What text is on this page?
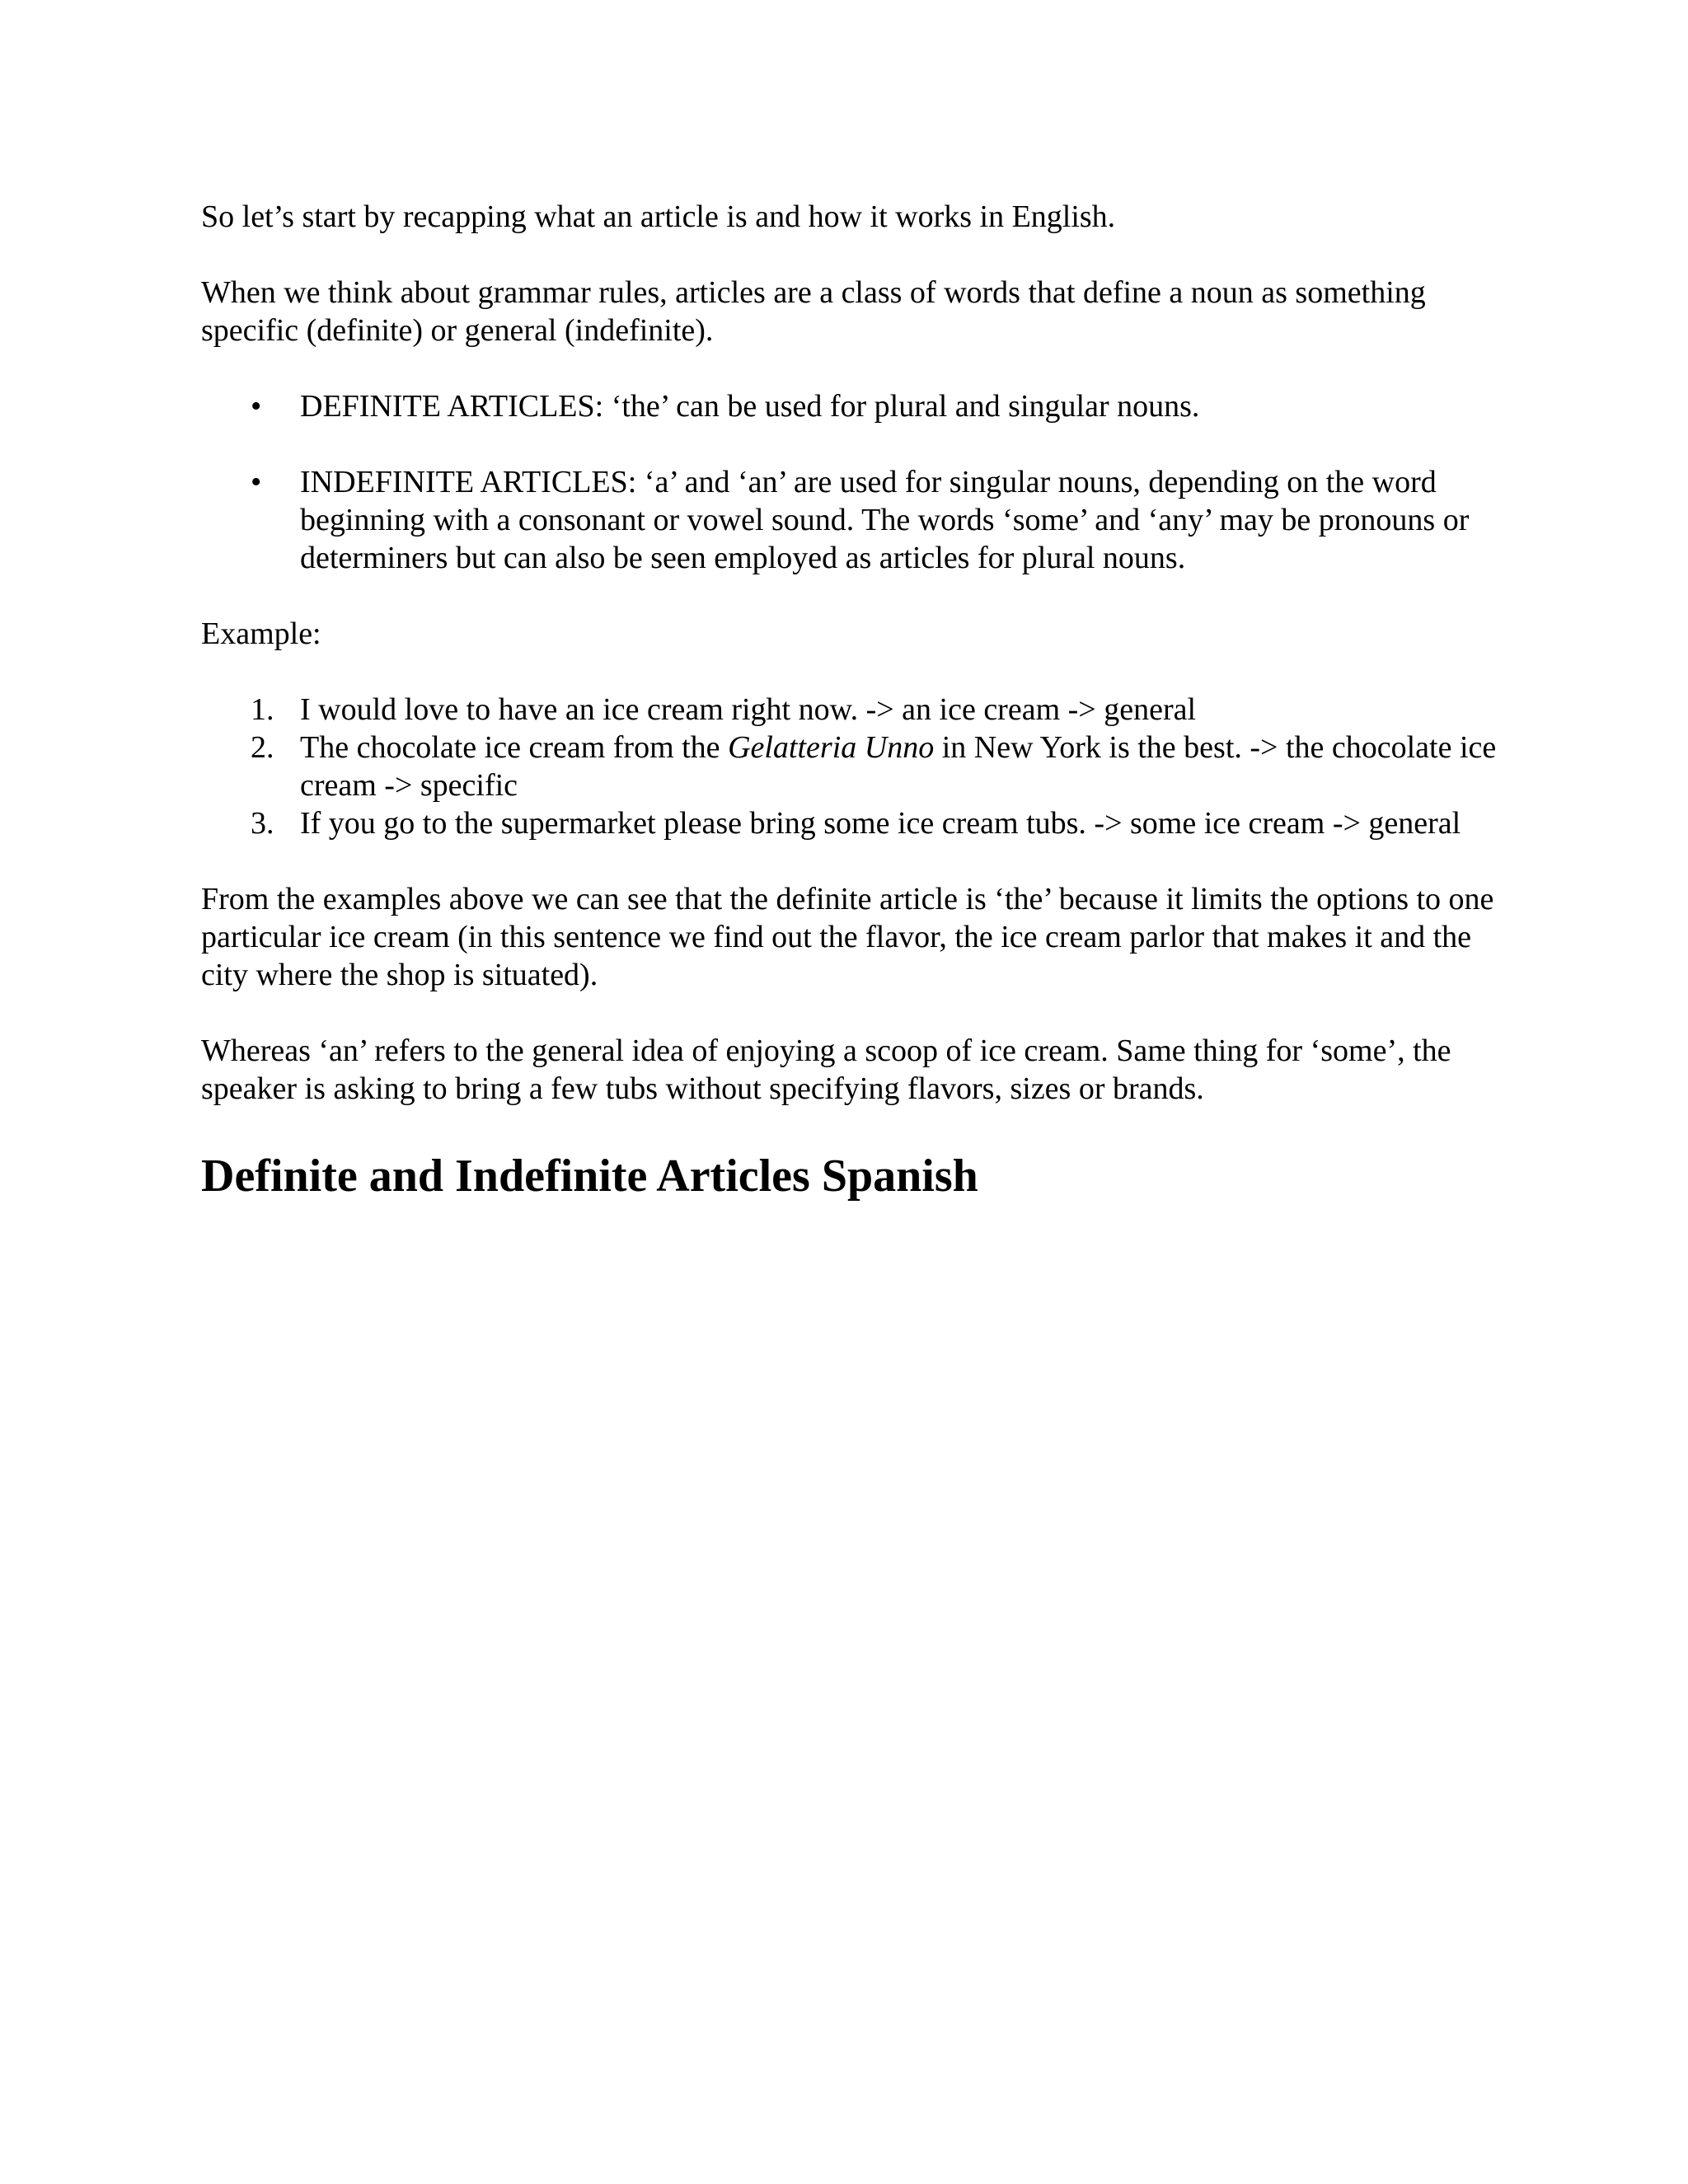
So let’s start by recapping what an article is and how it works in English.

When we think about grammar rules, articles are a class of words that define a noun as something specific (definite) or general (indefinite).

• DEFINITE ARTICLES: ‘the’ can be used for plural and singular nouns.
• INDEFINITE ARTICLES: ‘a’ and ‘an’ are used for singular nouns, depending on the word beginning with a consonant or vowel sound. The words ‘some’ and ‘any’ may be pronouns or determiners but can also be seen employed as articles for plural nouns.

Example:

1. I would love to have an ice cream right now. -> an ice cream -> general
2. The chocolate ice cream from the Gelatteria Unno in New York is the best. -> the chocolate ice cream -> specific
3. If you go to the supermarket please bring some ice cream tubs. -> some ice cream -> general

From the examples above we can see that the definite article is ‘the’ because it limits the options to one particular ice cream (in this sentence we find out the flavor, the ice cream parlor that makes it and the city where the shop is situated).

Whereas ‘an’ refers to the general idea of enjoying a scoop of ice cream. Same thing for ‘some’, the speaker is asking to bring a few tubs without specifying flavors, sizes or brands.

Definite and Indefinite Articles Spanish
